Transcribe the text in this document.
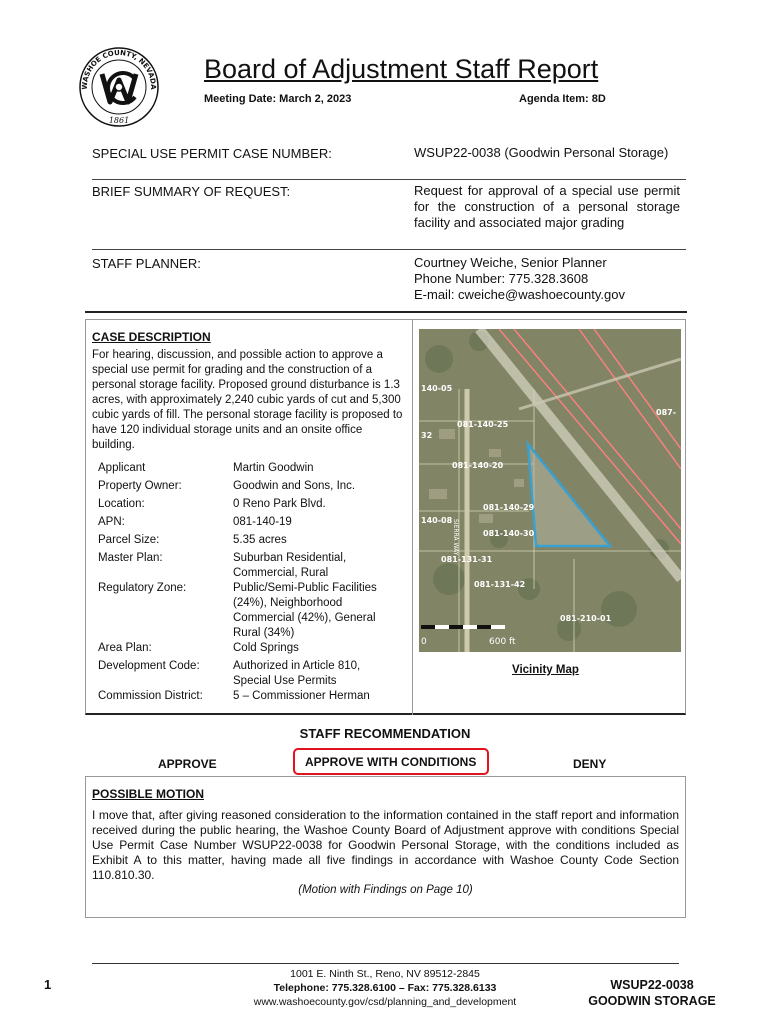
WASHOE COUNTY, NEVADA
1861
Board of Adjustment Staff Report
Meeting Date: March 2, 2023	Agenda Item: 8D
SPECIAL USE PERMIT CASE NUMBER:	WSUP22-0038 (Goodwin Personal Storage)
BRIEF SUMMARY OF REQUEST:	Request for approval of a special use permit for the construction of a personal storage facility and associated major grading
STAFF PLANNER:	Courtney Weiche, Senior Planner
Phone Number: 775.328.3608
E-mail: cweiche@washoecounty.gov
CASE DESCRIPTION
For hearing, discussion, and possible action to approve a special use permit for grading and the construction of a personal storage facility. Proposed ground disturbance is 1.3 acres, with approximately 2,240 cubic yards of cut and 5,300 cubic yards of fill. The personal storage facility is proposed to have 120 individual storage units and an onsite office building.
Applicant	Martin Goodwin
Property Owner:	Goodwin and Sons, Inc.
Location:	0 Reno Park Blvd.
APN:	081-140-19
Parcel Size:	5.35 acres
Master Plan:	Suburban Residential, Commercial, Rural
Regulatory Zone:	Public/Semi-Public Facilities (24%), Neighborhood Commercial (42%), General Rural (34%)
Area Plan:	Cold Springs
Development Code:	Authorized in Article 810, Special Use Permits
Commission District:	5 – Commissioner Herman
SIERRA WAY
140-05
081-140-25
081-140-20
081-140-29
081-140-30
140-08
081-131-31
081-131-42
081-210-01
087-
32
0	600 ft
Vicinity Map
STAFF RECOMMENDATION
APPROVE	APPROVE WITH CONDITIONS	DENY
POSSIBLE MOTION
I move that, after giving reasoned consideration to the information contained in the staff report and information received during the public hearing, the Washoe County Board of Adjustment approve with conditions Special Use Permit Case Number WSUP22-0038 for Goodwin Personal Storage, with the conditions included as Exhibit A to this matter, having made all five findings in accordance with Washoe County Code Section 110.810.30.
(Motion with Findings on Page 10)
1
1001 E. Ninth St., Reno, NV 89512-2845
Telephone: 775.328.6100 – Fax: 775.328.6133
www.washoecounty.gov/csd/planning_and_development
WSUP22-0038
GOODWIN STORAGE
